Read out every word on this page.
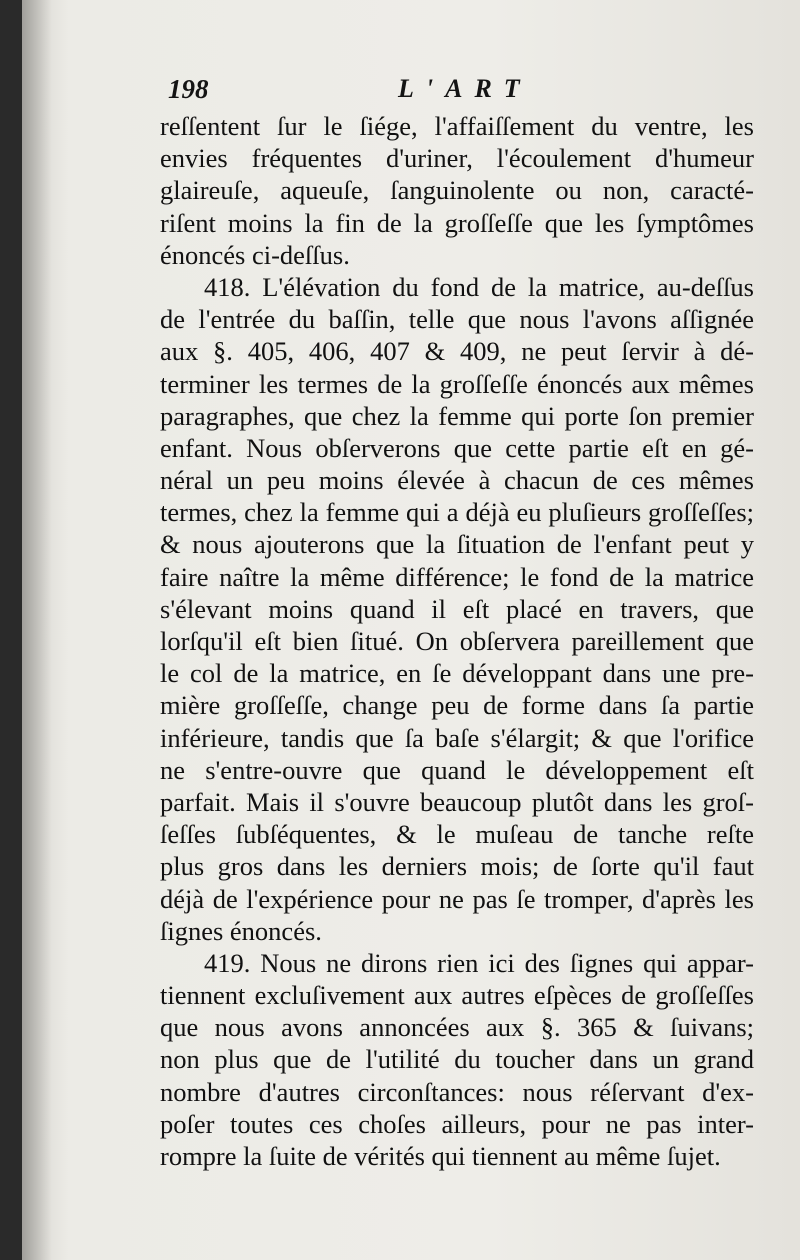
198	L'ART
reſſentent ſur le ſiége, l'affaiſſement du ventre, les
envies fréquentes d'uriner, l'écoulement d'humeur
glaireuſe, aqueuſe, ſanguinolente ou non, caracté-
riſent moins la fin de la groſſeſſe que les ſymptômes
énoncés ci-deſſus.
418. L'élévation du fond de la matrice, au-deſſus
de l'entrée du baſſin, telle que nous l'avons aſſignée
aux §. 405, 406, 407 & 409, ne peut ſervir à dé-
terminer les termes de la groſſeſſe énoncés aux mêmes
paragraphes, que chez la femme qui porte ſon premier
enfant. Nous obſerverons que cette partie eſt en gé-
néral un peu moins élevée à chacun de ces mêmes
termes, chez la femme qui a déjà eu pluſieurs groſſeſſes;
& nous ajouterons que la ſituation de l'enfant peut y
faire naître la même différence; le fond de la matrice
s'élevant moins quand il eſt placé en travers, que
lorſqu'il eſt bien ſitué. On obſervera pareillement que
le col de la matrice, en ſe développant dans une pre-
mière groſſeſſe, change peu de forme dans ſa partie
inférieure, tandis que ſa baſe s'élargit; & que l'orifice
ne s'entre-ouvre que quand le développement eſt
parfait. Mais il s'ouvre beaucoup plutôt dans les groſ-
ſeſſes ſubſéquentes, & le muſeau de tanche reſte
plus gros dans les derniers mois; de ſorte qu'il faut
déjà de l'expérience pour ne pas ſe tromper, d'après les
ſignes énoncés.
419. Nous ne dirons rien ici des ſignes qui appar-
tiennent excluſivement aux autres eſpèces de groſſeſſes
que nous avons annoncées aux §. 365 & ſuivans;
non plus que de l'utilité du toucher dans un grand
nombre d'autres circonſtances: nous réſervant d'ex-
poſer toutes ces choſes ailleurs, pour ne pas inter-
rompre la ſuite de vérités qui tiennent au même ſujet.
